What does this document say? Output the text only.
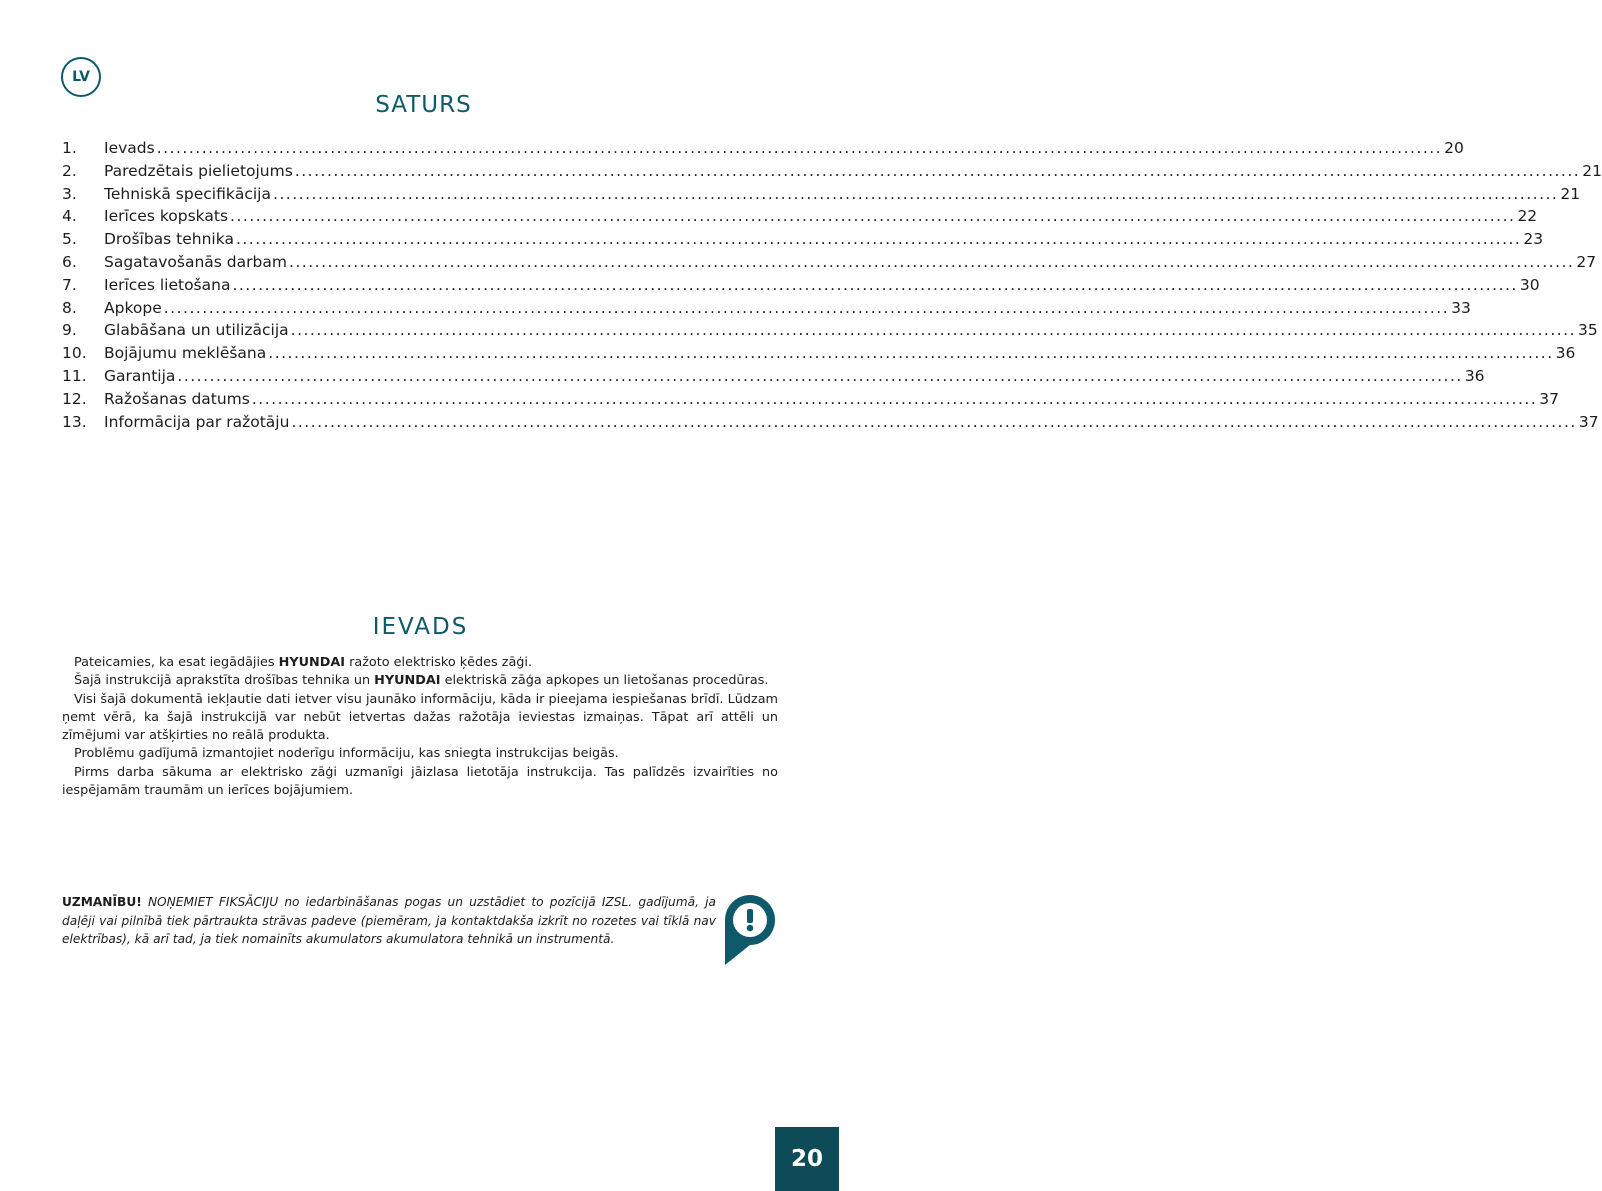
LV
SATURS
1.	Ievads ........................................................................................................................................................................................................ 20
2.	Paredzētais pielietojums ........................................................................................................................................................................................................ 21
3.	Tehniskā specifikācija ........................................................................................................................................................................................................ 21
4.	Ierīces kopskats ........................................................................................................................................................................................................ 22
5.	Drošības tehnika ........................................................................................................................................................................................................ 23
6.	Sagatavošanās darbam ........................................................................................................................................................................................................ 27
7.	Ierīces lietošana ........................................................................................................................................................................................................ 30
8.	Apkope ........................................................................................................................................................................................................ 33
9.	Glabāšana un utilizācija ........................................................................................................................................................................................................ 35
10.	Bojājumu meklēšana ........................................................................................................................................................................................................ 36
11.	Garantija ........................................................................................................................................................................................................ 36
12.	Ražošanas datums ........................................................................................................................................................................................................ 37
13.	Informācija par ražotāju ........................................................................................................................................................................................................ 37
IEVADS

Pateicamies, ka esat iegādājies HYUNDAI ražoto elektrisko ķēdes zāģi.

Šajā instrukcijā aprakstīta drošības tehnika un HYUNDAI elektriskā zāģa apkopes un lietošanas procedūras.

Visi šajā dokumentā iekļautie dati ietver visu jaunāko informāciju, kāda ir pieejama iespiešanas brīdī. Lūdzam ņemt vērā, ka šajā instrukcijā var nebūt ietvertas dažas ražotāja ieviestas izmaiņas. Tāpat arī attēli un zīmējumi var atšķirties no reālā produkta.

Problēmu gadījumā izmantojiet noderīgu informāciju, kas sniegta instrukcijas beigās.

Pirms darba sākuma ar elektrisko zāģi uzmanīgi jāizlasa lietotāja instrukcija. Tas palīdzēs izvairīties no iespējamām traumām un ierīces bojājumiem.

UZMANĪBU! NOŅEMIET FIKSĀCIJU no iedarbināšanas pogas un uzstādiet to pozīcijā IZSL. gadījumā, ja daļēji vai pilnībā tiek pārtraukta strāvas padeve (piemēram, ja kontaktdakša izkrīt no rozetes vai tīklā nav elektrības), kā arī tad, ja tiek nomainīts akumulators akumulatora tehnikā un instrumentā.
20
